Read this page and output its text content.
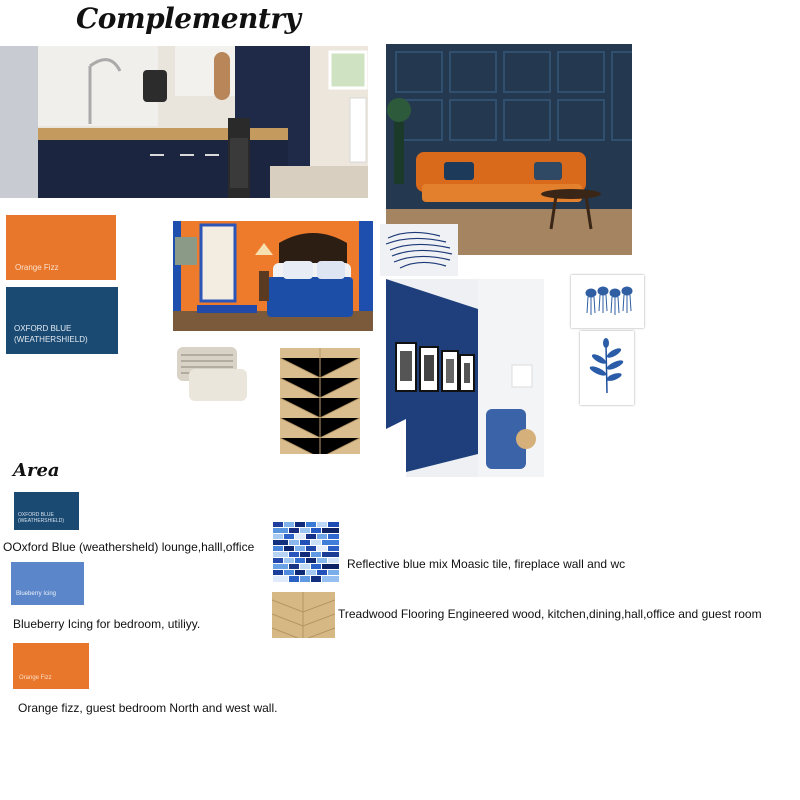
Complementry
Orange Fizz
OXFORD BLUE
(WEATHERSHIELD)
Area
OXFORD BLUE
(WEATHERSHIELD)
OOxford Blue (weathersheld) lounge,halll,office
Blueberry Icing
Blueberry Icing for bedroom, utiliyy.
Orange Fizz
Orange fizz, guest bedroom North and west wall.
Reflective blue mix Moasic tile, fireplace wall and wc
Treadwood Flooring Engineered wood, kitchen,dining,hall,office and guest room
